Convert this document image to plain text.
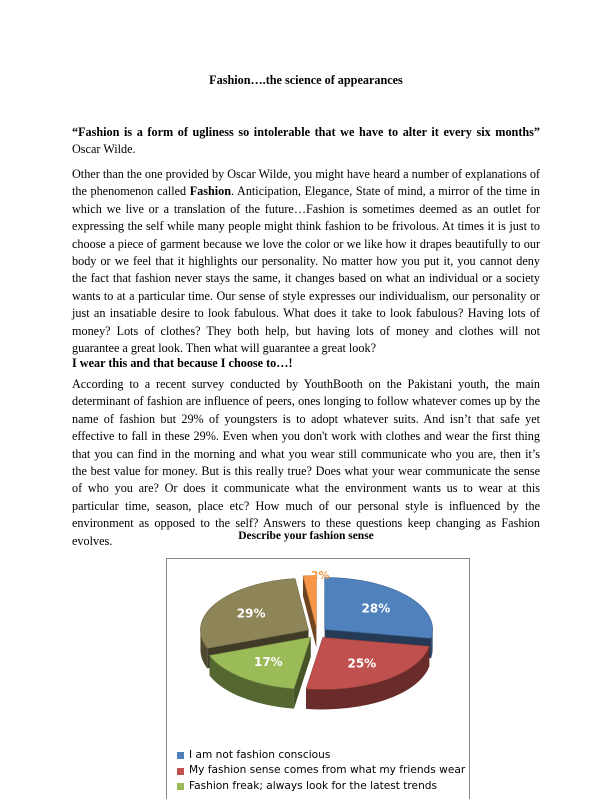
Fashion….the science of appearances
“Fashion is a form of ugliness so intolerable that we have to alter it every six months” Oscar Wilde.
Other than the one provided by Oscar Wilde, you might have heard a number of explanations of the phenomenon called Fashion. Anticipation, Elegance, State of mind, a mirror of the time in which we live or a translation of the future…Fashion is sometimes deemed as an outlet for expressing the self while many people might think fashion to be frivolous. At times it is just to choose a piece of garment because we love the color or we like how it drapes beautifully to our body or we feel that it highlights our personality. No matter how you put it, you cannot deny the fact that fashion never stays the same, it changes based on what an individual or a society wants to at a particular time. Our sense of style expresses our individualism, our personality or just an insatiable desire to look fabulous. What does it take to look fabulous? Having lots of money? Lots of clothes? They both help, but having lots of money and clothes will not guarantee a great look. Then what will guarantee a great look?
I wear this and that because I choose to…!
According to a recent survey conducted by YouthBooth on the Pakistani youth, the main determinant of fashion are influence of peers, ones longing to follow whatever comes up by the name of fashion but 29% of youngsters is to adopt whatever suits. And isn’t that safe yet effective to fall in these 29%. Even when you don't work with clothes and wear the first thing that you can find in the morning and what you wear still communicate who you are, then it’s the best value for money. But is this really true? Does what your wear communicate the sense of who you are? Or does it communicate what the environment wants us to wear at this particular time, season, place etc? How much of our personal style is influenced by the environment as opposed to the self? Answers to these questions keep changing as Fashion evolves.	Describe your fashion sense
28%
25%
17%
29%
2%
I am not fashion conscious
My fashion sense comes from what my friends wear
Fashion freak; always look for the latest trends
